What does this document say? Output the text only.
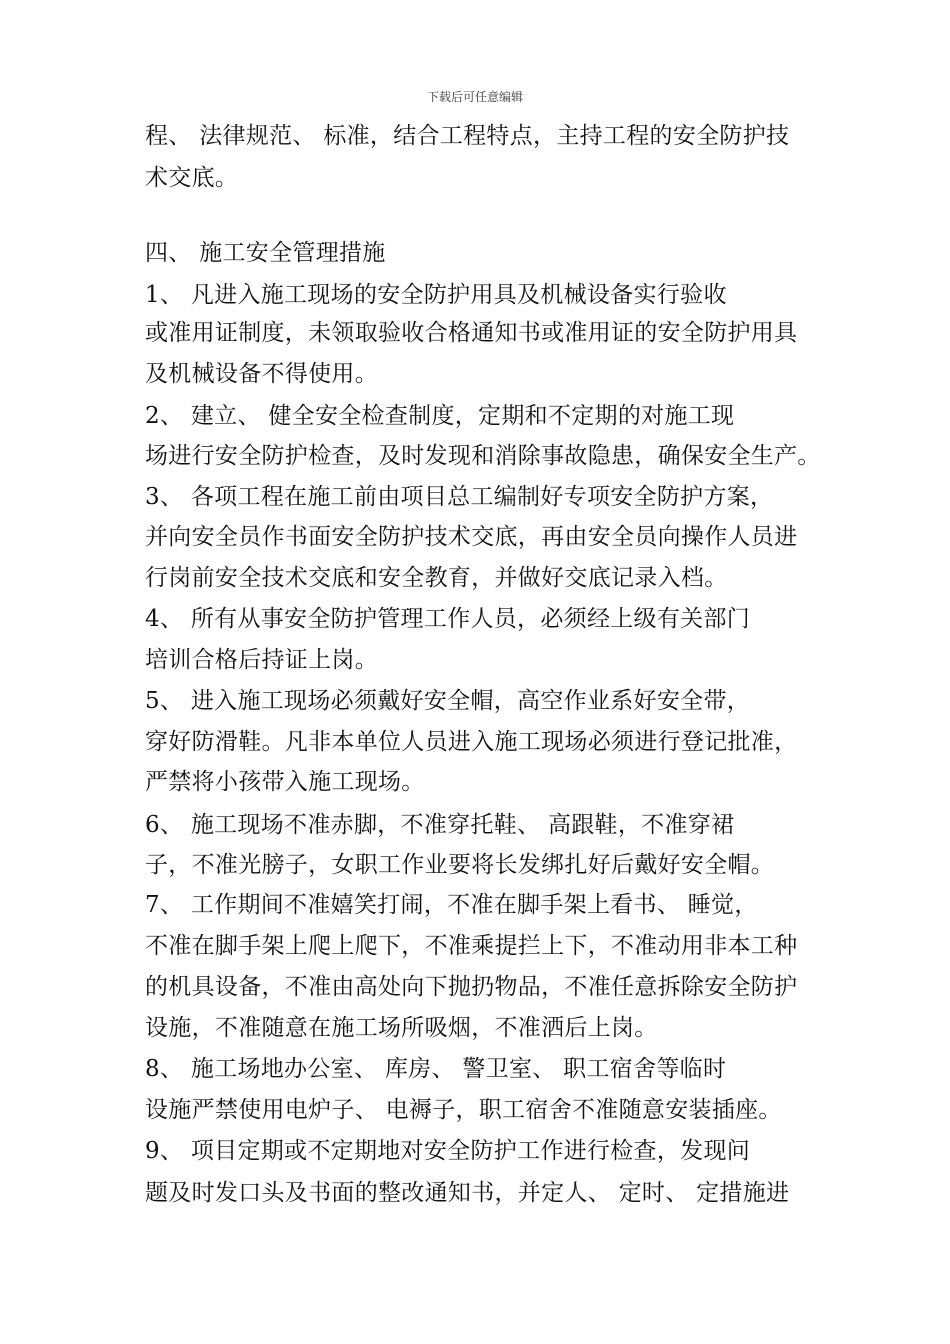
下载后可任意编辑
程、 法律规范、 标准，结合工程特点，主持工程的安全防护技
术交底。
四、 施工安全管理措施
1、 凡进入施工现场的安全防护用具及机械设备实行验收
或准用证制度，未领取验收合格通知书或准用证的安全防护用具
及机械设备不得使用。
2、 建立、 健全安全检查制度，定期和不定期的对施工现
场进行安全防护检查，及时发现和消除事故隐患，确保安全生产。
3、 各项工程在施工前由项目总工编制好专项安全防护方案，
并向安全员作书面安全防护技术交底，再由安全员向操作人员进
行岗前安全技术交底和安全教育，并做好交底记录入档。
4、 所有从事安全防护管理工作人员，必须经上级有关部门
培训合格后持证上岗。
5、 进入施工现场必须戴好安全帽，高空作业系好安全带，
穿好防滑鞋。凡非本单位人员进入施工现场必须进行登记批准，
严禁将小孩带入施工现场。
6、 施工现场不准赤脚，不准穿托鞋、 高跟鞋，不准穿裙
子，不准光膀子，女职工作业要将长发绑扎好后戴好安全帽。
7、 工作期间不准嬉笑打闹，不准在脚手架上看书、 睡觉，
不准在脚手架上爬上爬下，不准乘提拦上下，不准动用非本工种
的机具设备，不准由高处向下抛扔物品，不准任意拆除安全防护
设施，不准随意在施工场所吸烟，不准洒后上岗。
8、 施工场地办公室、 库房、 警卫室、 职工宿舍等临时
设施严禁使用电炉子、 电褥子，职工宿舍不准随意安装插座。
9、 项目定期或不定期地对安全防护工作进行检查，发现问
题及时发口头及书面的整改通知书，并定人、 定时、 定措施进
